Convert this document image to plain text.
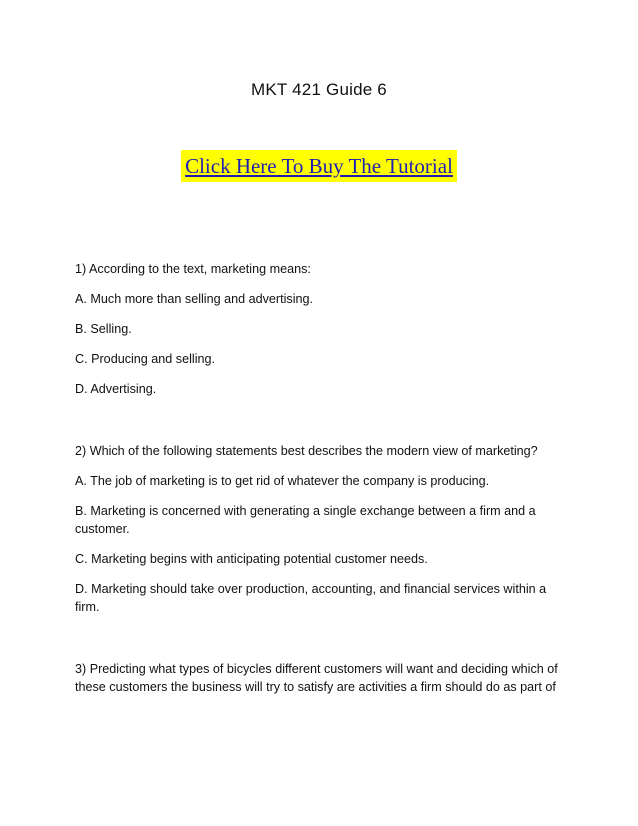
MKT 421 Guide 6
Click Here To Buy The Tutorial

1) According to the text, marketing means:

A. Much more than selling and advertising.

B. Selling.

C. Producing and selling.

D. Advertising.

2) Which of the following statements best describes the modern view of marketing?

A. The job of marketing is to get rid of whatever the company is producing.

B. Marketing is concerned with generating a single exchange between a firm and a customer.

C. Marketing begins with anticipating potential customer needs.

D. Marketing should take over production, accounting, and financial services within a firm.

3) Predicting what types of bicycles different customers will want and deciding which of these customers the business will try to satisfy are activities a firm should do as part of
